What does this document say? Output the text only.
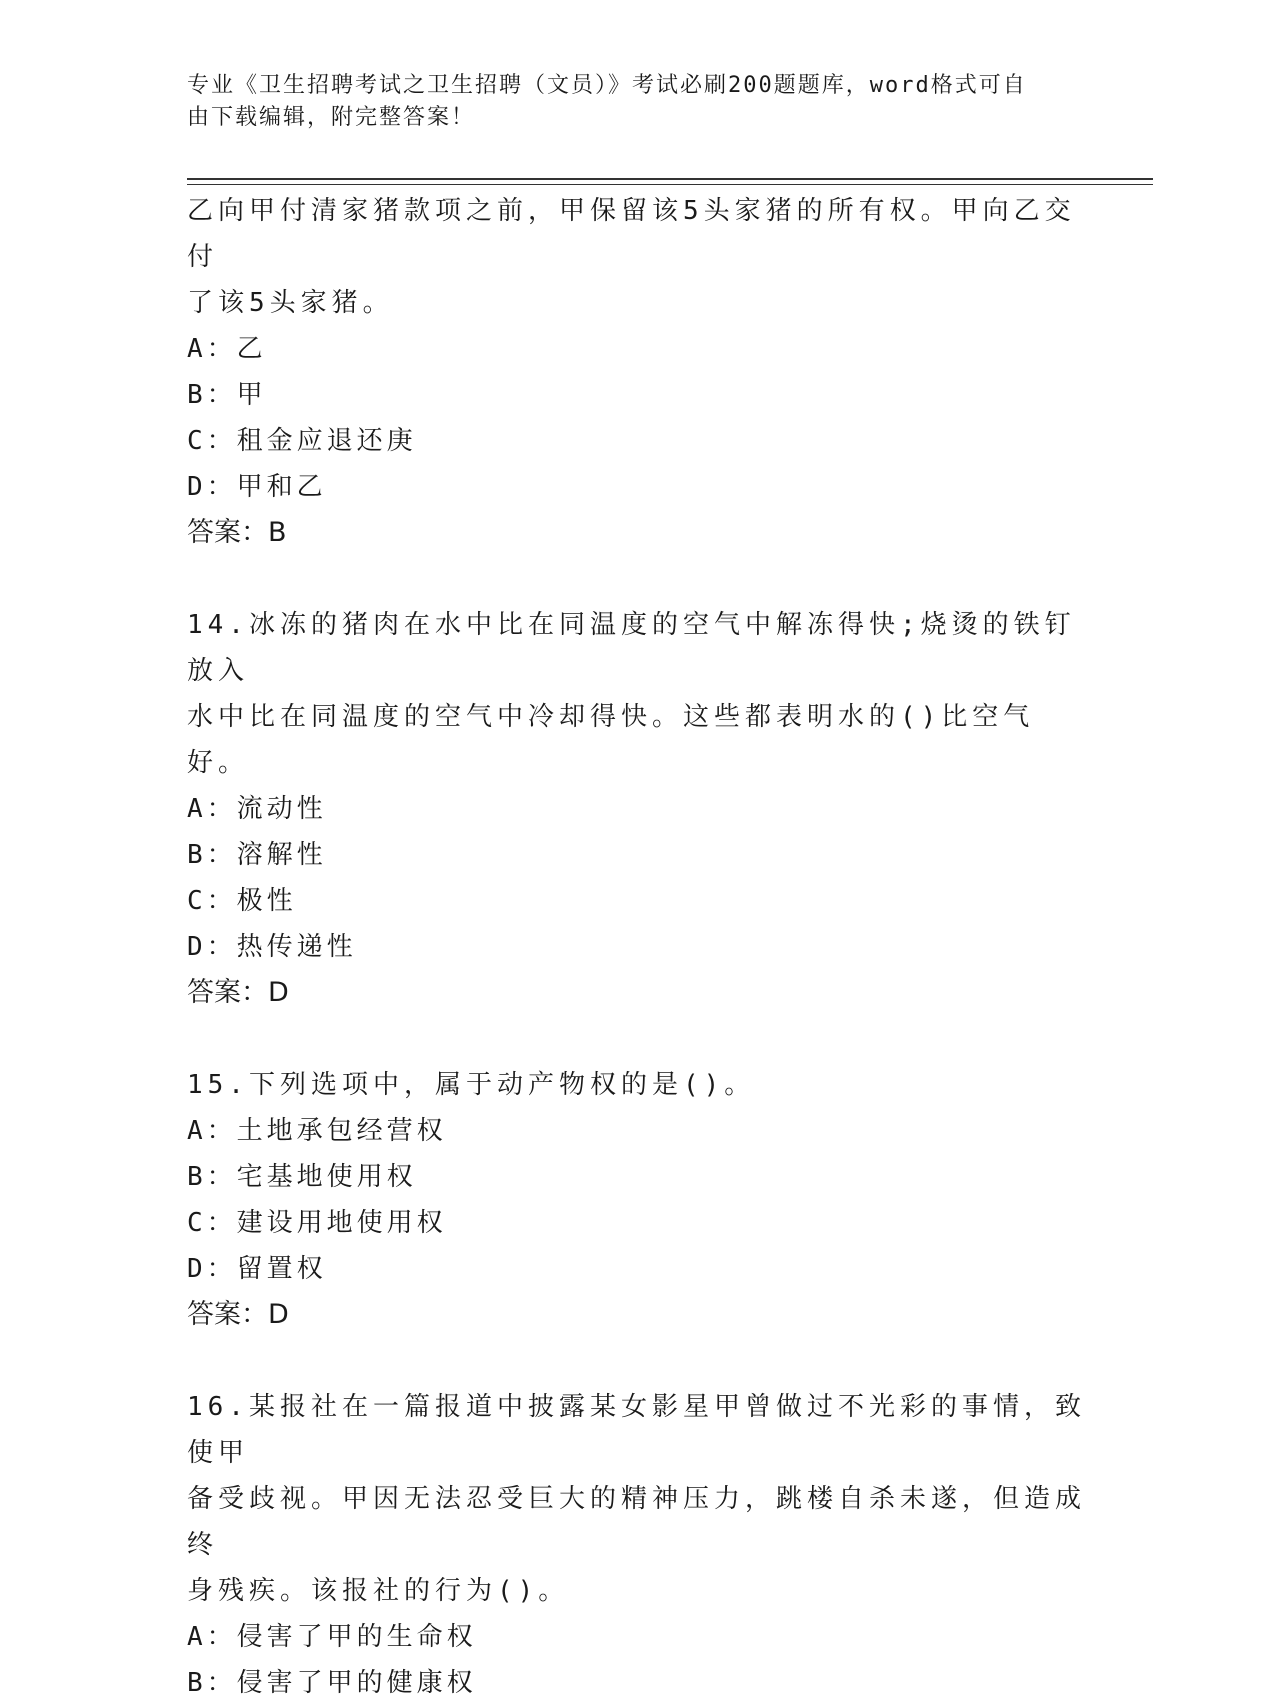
专业《卫生招聘考试之卫生招聘（文员）》考试必刷200题题库，word格式可自
由下载编辑，附完整答案！

乙向甲付清家猪款项之前，甲保留该5头家猪的所有权。甲向乙交付

了该5头家猪。

A：乙

B：甲

C：租金应退还庚

D：甲和乙

答案：B

14.冰冻的猪肉在水中比在同温度的空气中解冻得快;烧烫的铁钉放入

水中比在同温度的空气中冷却得快。这些都表明水的()比空气好。

A：流动性

B：溶解性

C：极性

D：热传递性

答案：D

15.下列选项中，属于动产物权的是()。

A：土地承包经营权

B：宅基地使用权

C：建设用地使用权

D：留置权

答案：D

16.某报社在一篇报道中披露某女影星甲曾做过不光彩的事情，致使甲

备受歧视。甲因无法忍受巨大的精神压力，跳楼自杀未遂，但造成终

身残疾。该报社的行为()。

A：侵害了甲的生命权

B：侵害了甲的健康权
